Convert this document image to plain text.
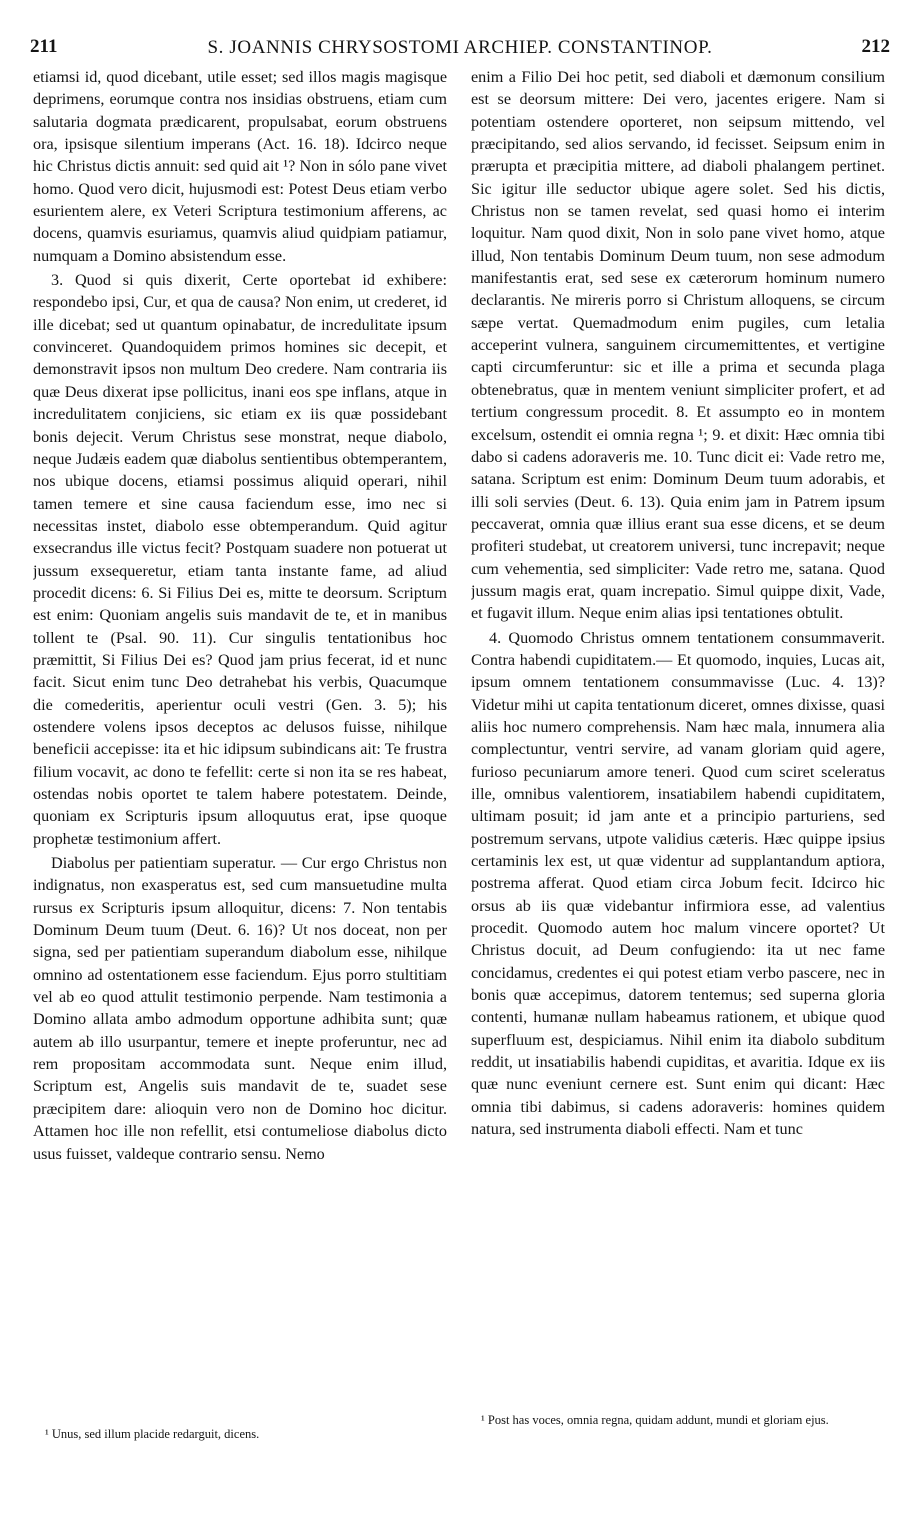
211	S. JOANNIS CHRYSOSTOMI ARCHIEP. CONSTANTINOP.	212

etiamsi id, quod dicebant, utile esset; sed illos magis magisque deprimens, eorumque contra nos insidias obstruens, etiam cum salutaria dogmata prædicarent, propulsabat, eorum obstruens ora, ipsisque silentium imperans (Act. 16. 18). Idcirco neque hic Christus dictis annuit: sed quid ait ¹? Non in sólo pane vivet homo. Quod vero dicit, hujusmodi est: Potest Deus etiam verbo esurientem alere, ex Veteri Scriptura testimonium afferens, ac docens, quamvis esuriamus, quamvis aliud quidpiam patiamur, numquam a Domino absistendum esse.

3. Quod si quis dixerit, Certe oportebat id exhibere: respondebo ipsi, Cur, et qua de causa? Non enim, ut crederet, id ille dicebat; sed ut quantum opinabatur, de incredulitate ipsum convinceret. Quandoquidem primos homines sic decepit, et demonstravit ipsos non multum Deo credere. Nam contraria iis quæ Deus dixerat ipse pollicitus, inani eos spe inflans, atque in incredulitatem conjiciens, sic etiam ex iis quæ possidebant bonis dejecit. Verum Christus sese monstrat, neque diabolo, neque Judæis eadem quæ diabolus sentientibus obtemperantem, nos ubique docens, etiamsi possimus aliquid operari, nihil tamen temere et sine causa faciendum esse, imo nec si necessitas instet, diabolo esse obtemperandum. Quid agitur exsecrandus ille victus fecit? Postquam suadere non potuerat ut jussum exsequeretur, etiam tanta instante fame, ad aliud procedit dicens: 6. Si Filius Dei es, mitte te deorsum. Scriptum est enim: Quoniam angelis suis mandavit de te, et in manibus tollent te (Psal. 90. 11). Cur singulis tentationibus hoc præmittit, Si Filius Dei es? Quod jam prius fecerat, id et nunc facit. Sicut enim tunc Deo detrahebat his verbis, Quacumque die comederitis, aperientur oculi vestri (Gen. 3. 5); his ostendere volens ipsos deceptos ac delusos fuisse, nihilque beneficii accepisse: ita et hic idipsum subindicans ait: Te frustra filium vocavit, ac dono te fefellit: certe si non ita se res habeat, ostendas nobis oportet te talem habere potestatem. Deinde, quoniam ex Scripturis ipsum alloquutus erat, ipse quoque prophetæ testimonium affert.

Diabolus per patientiam superatur. — Cur ergo Christus non indignatus, non exasperatus est, sed cum mansuetudine multa rursus ex Scripturis ipsum alloquitur, dicens: 7. Non tentabis Dominum Deum tuum (Deut. 6. 16)? Ut nos doceat, non per signa, sed per patientiam superandum diabolum esse, nihilque omnino ad ostentationem esse faciendum. Ejus porro stultitiam vel ab eo quod attulit testimonio perpende. Nam testimonia a Domino allata ambo admodum opportune adhibita sunt; quæ autem ab illo usurpantur, temere et inepte proferuntur, nec ad rem propositam accommodata sunt. Neque enim illud, Scriptum est, Angelis suis mandavit de te, suadet sese præcipitem dare: alioquin vero non de Domino hoc dicitur. Attamen hoc ille non refellit, etsi contumeliose diabolus dicto usus fuisset, valdeque contrario sensu. Nemo

enim a Filio Dei hoc petit, sed diaboli et dæmonum consilium est se deorsum mittere: Dei vero, jacentes erigere. Nam si potentiam ostendere oporteret, non seipsum mittendo, vel præcipitando, sed alios servando, id fecisset. Seipsum enim in prærupta et præcipitia mittere, ad diaboli phalangem pertinet. Sic igitur ille seductor ubique agere solet. Sed his dictis, Christus non se tamen revelat, sed quasi homo ei interim loquitur. Nam quod dixit, Non in solo pane vivet homo, atque illud, Non tentabis Dominum Deum tuum, non sese admodum manifestantis erat, sed sese ex cæterorum hominum numero declarantis. Ne mireris porro si Christum alloquens, se circum sæpe vertat. Quemadmodum enim pugiles, cum letalia acceperint vulnera, sanguinem circumemittentes, et vertigine capti circumferuntur: sic et ille a prima et secunda plaga obtenebratus, quæ in mentem veniunt simpliciter profert, et ad tertium congressum procedit. 8. Et assumpto eo in montem excelsum, ostendit ei omnia regna ¹; 9. et dixit: Hæc omnia tibi dabo si cadens adoraveris me. 10. Tunc dicit ei: Vade retro me, satana. Scriptum est enim: Dominum Deum tuum adorabis, et illi soli servies (Deut. 6. 13). Quia enim jam in Patrem ipsum peccaverat, omnia quæ illius erant sua esse dicens, et se deum profiteri studebat, ut creatorem universi, tunc increpavit; neque cum vehementia, sed simpliciter: Vade retro me, satana. Quod jussum magis erat, quam increpatio. Simul quippe dixit, Vade, et fugavit illum. Neque enim alias ipsi tentationes obtulit.

4. Quomodo Christus omnem tentationem consummaverit. Contra habendi cupiditatem.— Et quomodo, inquies, Lucas ait, ipsum omnem tentationem consummavisse (Luc. 4. 13)? Videtur mihi ut capita tentationum diceret, omnes dixisse, quasi aliis hoc numero comprehensis. Nam hæc mala, innumera alia complectuntur, ventri servire, ad vanam gloriam quid agere, furioso pecuniarum amore teneri. Quod cum sciret sceleratus ille, omnibus valentiorem, insatiabilem habendi cupiditatem, ultimam posuit; id jam ante et a principio parturiens, sed postremum servans, utpote validius cæteris. Hæc quippe ipsius certaminis lex est, ut quæ videntur ad supplantandum aptiora, postrema afferat. Quod etiam circa Jobum fecit. Idcirco hic orsus ab iis quæ videbantur infirmiora esse, ad valentius procedit. Quomodo autem hoc malum vincere oportet? Ut Christus docuit, ad Deum confugiendo: ita ut nec fame concidamus, credentes ei qui potest etiam verbo pascere, nec in bonis quæ accepimus, datorem tentemus; sed superna gloria contenti, humanæ nullam habeamus rationem, et ubique quod superfluum est, despiciamus. Nihil enim ita diabolo subditum reddit, ut insatiabilis habendi cupiditas, et avaritia. Idque ex iis quæ nunc eveniunt cernere est. Sunt enim qui dicant: Hæc omnia tibi dabimus, si cadens adoraveris: homines quidem natura, sed instrumenta diaboli effecti. Nam et tunc

¹ Unus, sed illum placide redarguit, dicens.
¹ Post has voces, omnia regna, quidam addunt, mundi et gloriam ejus.
